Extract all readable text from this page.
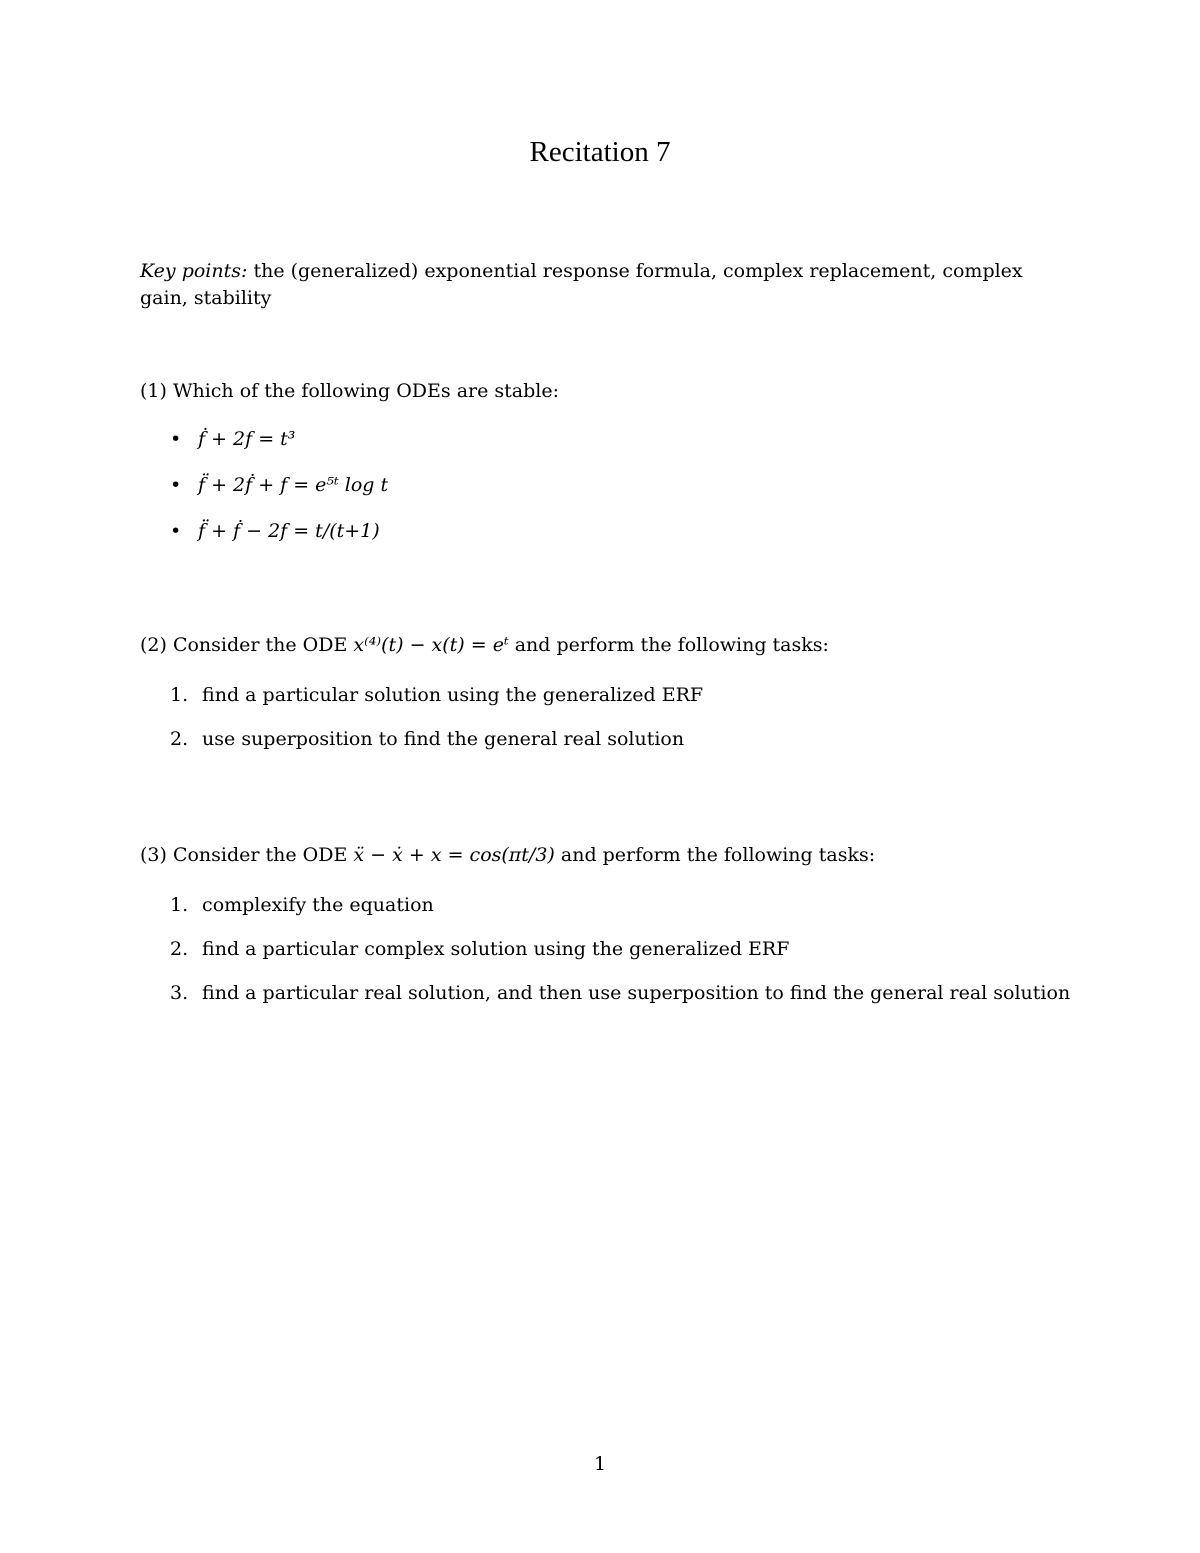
Recitation 7
Key points: the (generalized) exponential response formula, complex replacement, complex gain, stability
(1) Which of the following ODEs are stable:
• ḟ + 2f = t³
• f̈ + 2ḟ + f = e⁵ᵗ log t
• f̈ + ḟ − 2f = t/(t+1)
(2) Consider the ODE x⁽⁴⁾(t) − x(t) = eᵗ and perform the following tasks:
1. find a particular solution using the generalized ERF
2. use superposition to find the general real solution
(3) Consider the ODE ẍ − ẋ + x = cos(πt/3) and perform the following tasks:
1. complexify the equation
2. find a particular complex solution using the generalized ERF
3. find a particular real solution, and then use superposition to find the general real solution
1
